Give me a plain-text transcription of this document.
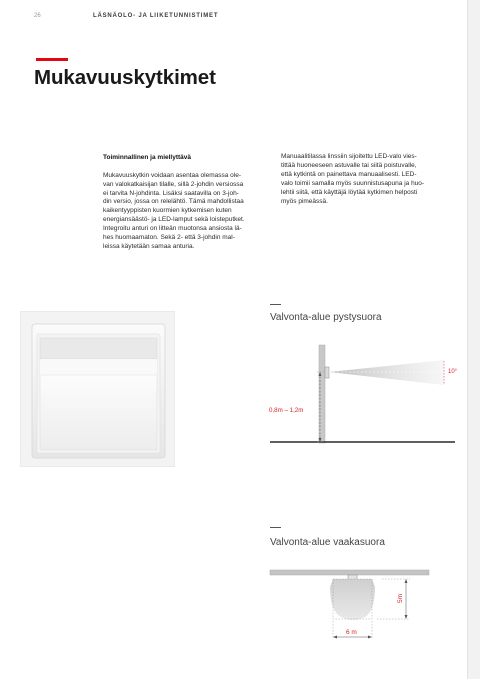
26	LÄSNÄOLO- JA LIIKETUNNISTIMET
Mukavuuskytkimet

Toiminnallinen ja miellyttävä

Mukavuuskytkin voidaan asentaa olemassa ole-
van valokatkaisijan tilalle, sillä 2-johdin versiossa
ei tarvita N-johdinta. Lisäksi saatavilla on 3-joh-
din versio, jossa on relelähtö. Tämä mahdollistaa
kaikentyyppisten kuormien kytkemisen kuten
energiansäästö- ja LED-lamput sekä loisteputket.
Integroitu anturi on litteän muotonsa ansiosta lä-
hes huomaamaton. Sekä 2- että 3-johdin mal-
leissa käytetään samaa anturia.

Manuaalitilassa linssiin sijoitettu LED-valo vies-
tittää huoneeseen astuvalle tai siitä poistuvalle,
että kytkintä on painettava manuaalisesti. LED-
valo toimii samalla myös suunnistusapuna ja huo-
lehtii siitä, että käyttäjä löytää kytkimen helposti
myös pimeässä.
Valvonta-alue pystysuora
10°
0,8m – 1,2m
Valvonta-alue vaakasuora
6 m
5m
